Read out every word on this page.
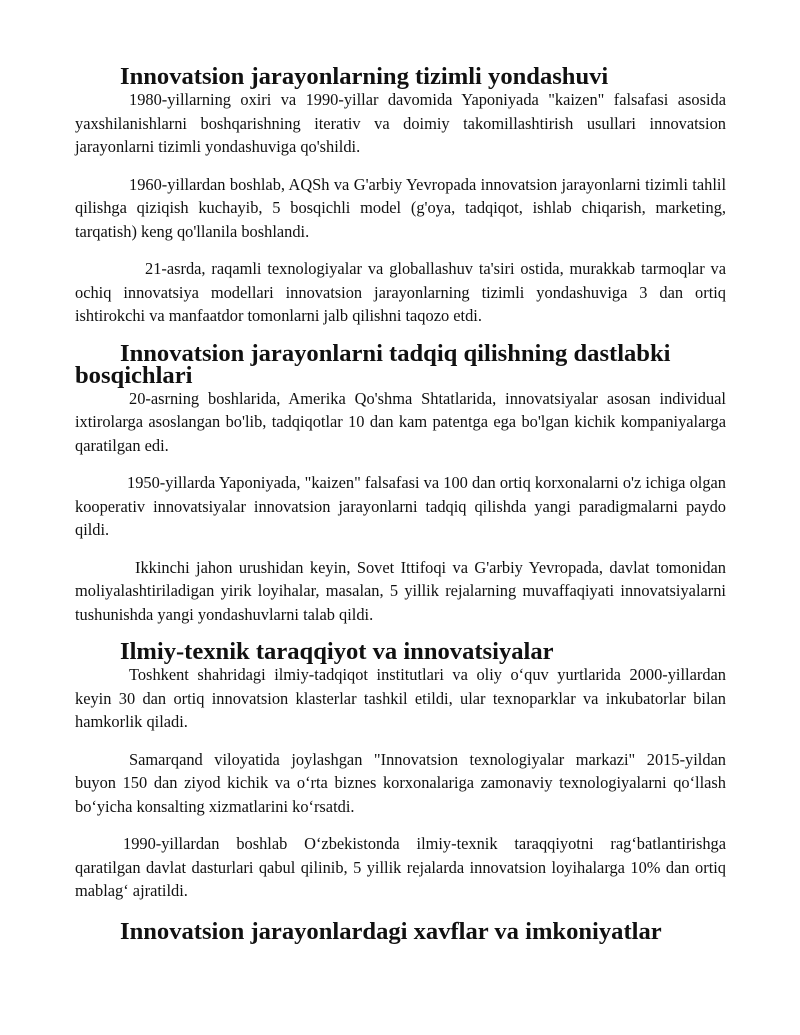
Innovatsion jarayonlarning tizimli yondashuvi

1980-yillarning oxiri va 1990-yillar davomida Yaponiyada "kaizen" falsafasi asosida yaxshilanishlarni boshqarishning iterativ va doimiy takomillashtirish usullari innovatsion jarayonlarni tizimli yondashuviga qo'shildi.

1960-yillardan boshlab, AQSh va G'arbiy Yevropada innovatsion jarayonlarni tizimli tahlil qilishga qiziqish kuchayib, 5 bosqichli model (g'oya, tadqiqot, ishlab chiqarish, marketing, tarqatish) keng qo'llanila boshlandi.

21-asrda, raqamli texnologiyalar va globallashuv ta'siri ostida, murakkab tarmoqlar va ochiq innovatsiya modellari innovatsion jarayonlarning tizimli yondashuviga 3 dan ortiq ishtirokchi va manfaatdor tomonlarni jalb qilishni taqozo etdi.

Innovatsion jarayonlarni tadqiq qilishning dastlabki bosqichlari

20-asrning boshlarida, Amerika Qo'shma Shtatlarida, innovatsiyalar asosan individual ixtirolarga asoslangan bo'lib, tadqiqotlar 10 dan kam patentga ega bo'lgan kichik kompaniyalarga qaratilgan edi.

1950-yillarda Yaponiyada, "kaizen" falsafasi va 100 dan ortiq korxonalarni o'z ichiga olgan kooperativ innovatsiyalar innovatsion jarayonlarni tadqiq qilishda yangi paradigmalarni paydo qildi.

Ikkinchi jahon urushidan keyin, Sovet Ittifoqi va G'arbiy Yevropada, davlat tomonidan moliyalashtiriladigan yirik loyihalar, masalan, 5 yillik rejalarning muvaffaqiyati innovatsiyalarni tushunishda yangi yondashuvlarni talab qildi.

Ilmiy-texnik taraqqiyot va innovatsiyalar

Toshkent shahridagi ilmiy-tadqiqot institutlari va oliy o‘quv yurtlarida 2000-yillardan keyin 30 dan ortiq innovatsion klasterlar tashkil etildi, ular texnoparklar va inkubatorlar bilan hamkorlik qiladi.

Samarqand viloyatida joylashgan "Innovatsion texnologiyalar markazi" 2015-yildan buyon 150 dan ziyod kichik va o‘rta biznes korxonalariga zamonaviy texnologiyalarni qo‘llash bo‘yicha konsalting xizmatlarini ko‘rsatdi.

1990-yillardan boshlab O‘zbekistonda ilmiy-texnik taraqqiyotni rag‘batlantirishga qaratilgan davlat dasturlari qabul qilinib, 5 yillik rejalarda innovatsion loyihalarga 10% dan ortiq mablag‘ ajratildi.

Innovatsion jarayonlardagi xavflar va imkoniyatlar
